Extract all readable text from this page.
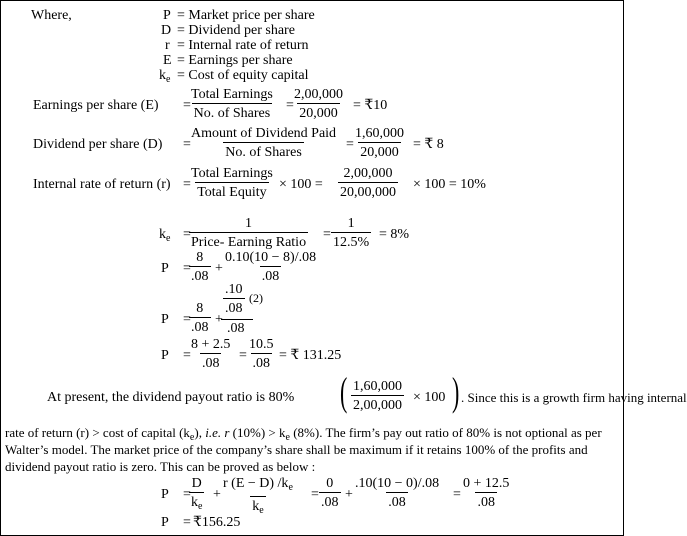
Where,	P = Market price per share
D = Dividend per share
r = Internal rate of return
E = Earnings per share
$k_e$ = Cost of equity capital
Earnings per share (E) =
Total Earnings
No. of Shares
=
$\frac{2,00,000}{20,000}$ = ₹10
Dividend per share (D) =
Amount of Dividend Paid
No. of Shares
= $\frac{1,60,000}{20,000}$ = ₹ 8
Internal rate of return (r) =
Total Earnings
Total Equity
× $100 = \frac{2,00,000}{20,00,000} \times 100 = 10\%$
$k_e$ =
1
Price- Earning Ratio
= $\frac{1}{12.5\%} = 8\%$
P =
$\frac{8}{.08} + \frac{0.10(10 - 8)/.08}{.08}$
P =
$\frac{8}{.08}$ +
$\frac{.10}{.08} (2)$
.08
P =
$\frac{8 + 2.5}{.08} = \frac{10.5}{.08}$ = ₹ 131.25
At present, the dividend payout ratio is 80% ( $\frac{1,60,000}{2,00,000} \times 100$ ) . Since this is a growth firm having internal
rate of return (r) > cost of capital $(k_e)$, i.e. r $(10\%) > k_e$ (8%). The firm’s pay out ratio of 80% is not optional as per
Walter’s model. The market price of the company’s share shall be maximum if it retains 100% of the profits and
dividend payout ratio is zero. This can be proved as below :
P =
$\frac{D}{k_e} + \frac{r (E - D) /k_e}{k_e} = \frac{0}{.08} + \frac{.10(10 - 0)/.08}{.08} = \frac{0 + 12.5}{.08}$
P = ₹156.25
